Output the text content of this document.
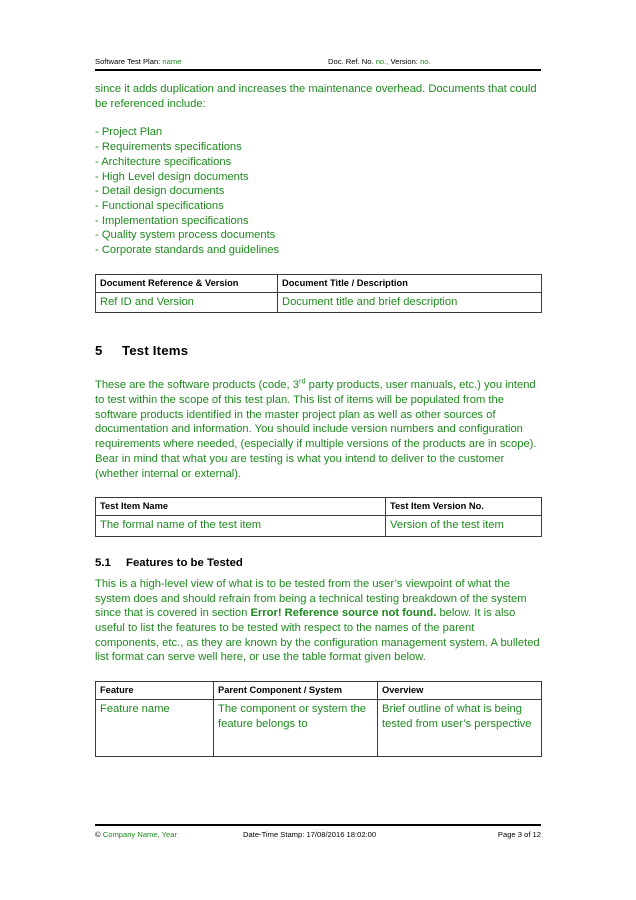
Software Test Plan: name	Doc. Ref. No. no., Version: no.

since it adds duplication and increases the maintenance overhead. Documents that could be referenced include:

- Project Plan
- Requirements specifications
- Architecture specifications
- High Level design documents
- Detail design documents
- Functional specifications
- Implementation specifications
- Quality system process documents
- Corporate standards and guidelines
Document Reference & Version	Document Title / Description
Ref ID and Version	Document title and brief description
5 Test Items

These are the software products (code, 3rd party products, user manuals, etc.) you intend to test within the scope of this test plan. This list of items will be populated from the software products identified in the master project plan as well as other sources of documentation and information. You should include version numbers and configuration requirements where needed, (especially if multiple versions of the products are in scope). Bear in mind that what you are testing is what you intend to deliver to the customer (whether internal or external).

Test Item Name	Test Item Version No.
The formal name of the test item	Version of the test item
5.1 Features to be Tested

This is a high-level view of what is to be tested from the user’s viewpoint of what the system does and should refrain from being a technical testing breakdown of the system since that is covered in section Error! Reference source not found. below. It is also useful to list the features to be tested with respect to the names of the parent components, etc., as they are known by the configuration management system. A bulleted list format can serve well here, or use the table format given below.

Feature	Parent Component / System	Overview
Feature name	The component or system the feature belongs to	Brief outline of what is being tested from user’s perspective
© Company Name, Year	Date-Time Stamp: 17/08/2016 18:02:00	Page 3 of 12
